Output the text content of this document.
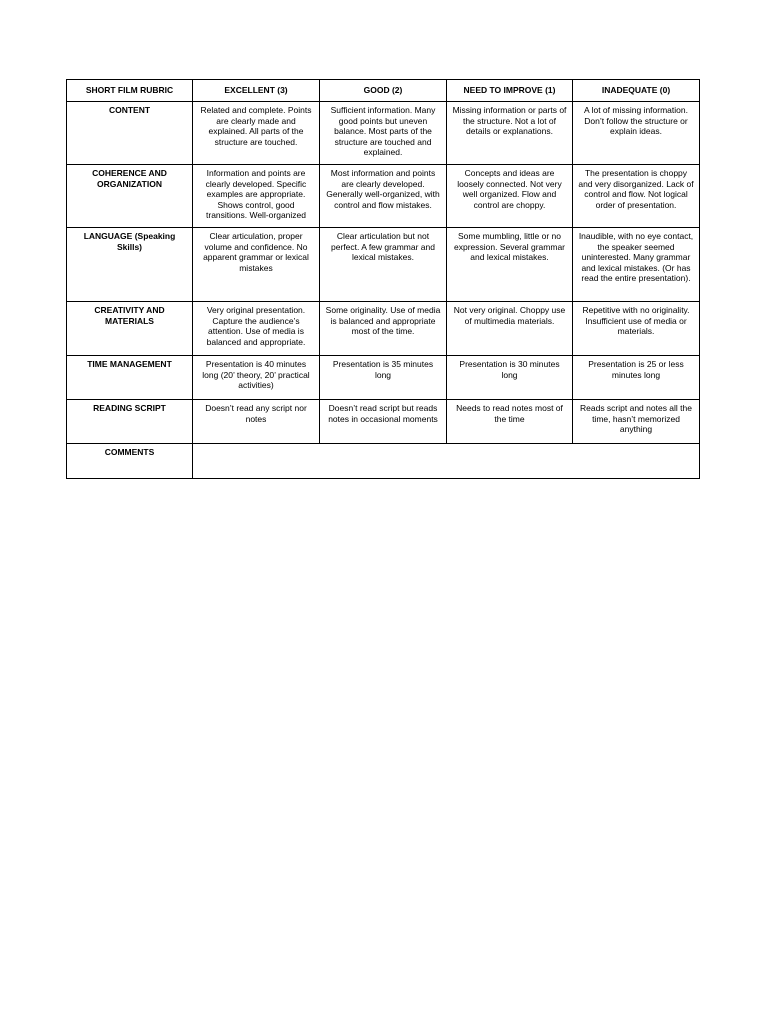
SHORT FILM RUBRIC	EXCELLENT (3)	GOOD (2)	NEED TO IMPROVE (1)	INADEQUATE (0)
CONTENT	Related and complete. Points are clearly made and explained. All parts of the structure are touched.	Sufficient information. Many good points but uneven balance. Most parts of the structure are touched and explained.	Missing information or parts of the structure. Not a lot of details or explanations.	A lot of missing information. Don’t follow the structure or explain ideas.
COHERENCE AND ORGANIZATION	Information and points are clearly developed. Specific examples are appropriate. Shows control, good transitions. Well-organized	Most information and points are clearly developed. Generally well-organized, with control and flow mistakes.	Concepts and ideas are loosely connected. Not very well organized. Flow and control are choppy.	The presentation is choppy and very disorganized. Lack of control and flow. Not logical order of presentation.
LANGUAGE (Speaking Skills)	Clear articulation, proper volume and confidence. No apparent grammar or lexical mistakes	Clear articulation but not perfect. A few grammar and lexical mistakes.	Some mumbling, little or no expression. Several grammar and lexical mistakes.	Inaudible, with no eye contact, the speaker seemed uninterested. Many grammar and lexical mistakes. (Or has read the entire presentation).
CREATIVITY AND MATERIALS	Very original presentation. Capture the audience’s attention. Use of media is balanced and appropriate.	Some originality. Use of media is balanced and appropriate most of the time.	Not very original. Choppy use of multimedia materials.	Repetitive with no originality. Insufficient use of media or materials.
TIME MANAGEMENT	Presentation is 40 minutes long (20’ theory, 20’ practical activities)	Presentation is 35 minutes long	Presentation is 30 minutes long	Presentation is 25 or less minutes long
READING SCRIPT	Doesn’t read any script nor notes	Doesn’t read script but reads notes in occasional moments	Needs to read notes most of the time	Reads script and notes all the time, hasn’t memorized anything
COMMENTS				
